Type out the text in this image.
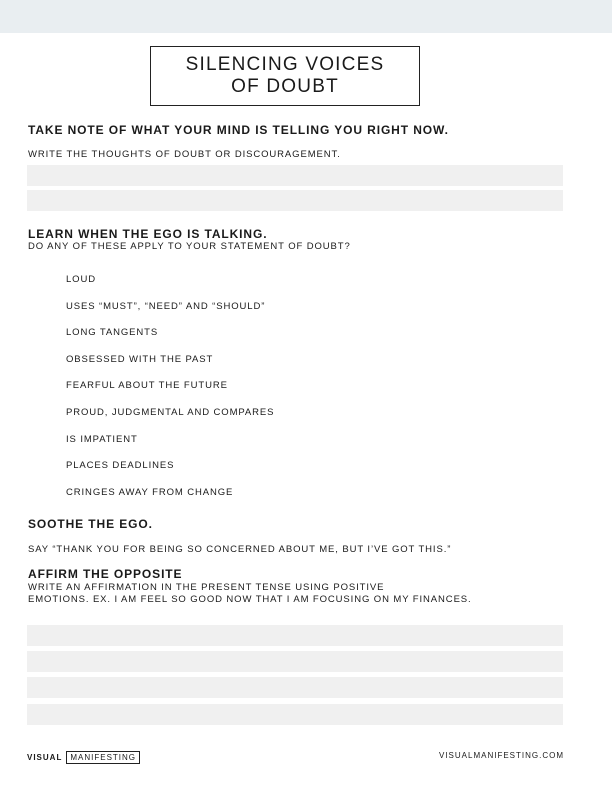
SILENCING VOICES
OF DOUBT
TAKE NOTE OF WHAT YOUR MIND IS TELLING YOU RIGHT NOW.
WRITE THE THOUGHTS OF DOUBT OR DISCOURAGEMENT.
LEARN WHEN THE EGO IS TALKING.
DO ANY OF THESE APPLY TO YOUR STATEMENT OF DOUBT?
LOUD
USES “MUST”, “NEED” AND “SHOULD”
LONG TANGENTS
OBSESSED WITH THE PAST
FEARFUL ABOUT THE FUTURE
PROUD, JUDGMENTAL AND COMPARES
IS IMPATIENT
PLACES DEADLINES
CRINGES AWAY FROM CHANGE
SOOTHE THE EGO.
SAY “THANK YOU FOR BEING SO CONCERNED ABOUT ME, BUT I’VE GOT THIS.”
AFFIRM THE OPPOSITE
WRITE AN AFFIRMATION IN THE PRESENT TENSE USING POSITIVE
EMOTIONS. EX. I AM FEEL SO GOOD NOW THAT I AM FOCUSING ON MY FINANCES.
VISUAL	MANIFESTING	VISUALMANIFESTING.COM
